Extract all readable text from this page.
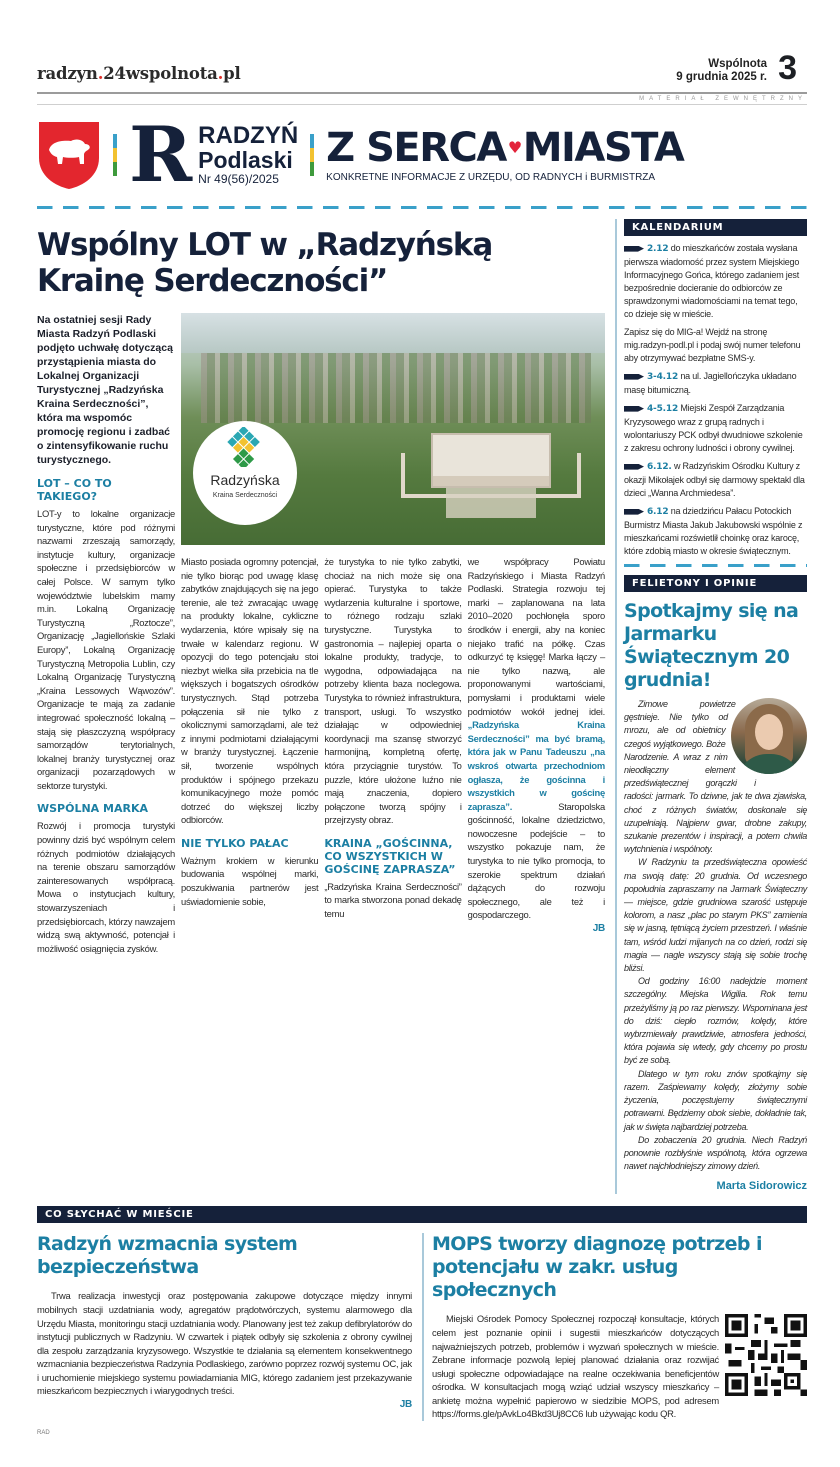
radzyn.24wspolnota.pl	Wspólnota
9 grudnia 2025 r. 3
MATERIAŁ ZEWNĘTRZNY
R RADZYŃ
Podlaski
Nr 49(56)/2025
Z SERCA ♥MIASTA
KONKRETNE INFORMACJE Z URZĘDU, OD RADNYCH i BURMISTRZA
Wspólny LOT w „Radzyńską Krainę Serdeczności”

Na ostatniej sesji Rady Miasta Radzyń Podlaski podjęto uchwałę dotyczącą przystąpienia miasta do Lokalnej Organizacji Turystycznej „Radzyńska Kraina Serdeczności”, która ma wspomóc promocję regionu i zadbać o zintensyfikowanie ruchu turystycznego.

LOT – CO TO TAKIEGO?

LOT-y to lokalne organizacje turystyczne, które pod różnymi nazwami zrzeszają samorządy, instytucje kultury, organizacje społeczne i przedsiębiorców w całej Polsce. W samym tylko województwie lubelskim mamy m.in. Lokalną Organizację Turystyczną „Roztocze”, Organizację „Jagiellońskie Szlaki Europy”, Lokalną Organizację Turystyczną Metropolia Lublin, czy Lokalną Organizację Turystyczną „Kraina Lessowych Wąwozów”. Organizacje te mają za zadanie integrować społeczność lokalną – stają się płaszczyzną współpracy samorządów terytorialnych, lokalnej branży turystycznej oraz organizacji pozarządowych w sektorze turystyki.

WSPÓLNA MARKA

Rozwój i promocja turystyki powinny dziś być wspólnym celem różnych podmiotów działających na terenie obszaru samorządów zainteresowanych współpracą. Mowa o instytucjach kultury, stowarzyszeniach i przedsiębiorcach, którzy nawzajem widzą swą aktywność, potencjał i możliwość osiągnięcia zysków.

Radzyńska
Kraina Serdeczności

Miasto posiada ogromny potencjał, nie tylko biorąc pod uwagę klasę zabytków znajdujących się na jego terenie, ale też zwracając uwagę na produkty lokalne, cykliczne wydarzenia, które wpisały się na trwałe w kalendarz regionu. W opozycji do tego potencjału stoi niezbyt wielka siła przebicia na tle większych i bogatszych ośrodków turystycznych. Stąd potrzeba połączenia sił nie tylko z okolicznymi samorządami, ale też z innymi podmiotami działającymi w branży turystycznej. Łączenie sił, tworzenie wspólnych produktów i spójnego przekazu komunikacyjnego może pomóc dotrzeć do większej liczby odbiorców.

NIE TYLKO PAŁAC

Ważnym krokiem w kierunku budowania wspólnej marki, poszukiwania partnerów jest uświadomienie sobie,

że turystyka to nie tylko zabytki, chociaż na nich może się ona opierać. Turystyka to także wydarzenia kulturalne i sportowe, to różnego rodzaju szlaki turystyczne. Turystyka to gastronomia – najlepiej oparta o lokalne produkty, tradycje, to wygodna, odpowiadająca na potrzeby klienta baza noclegowa. Turystyka to również infrastruktura, transport, usługi. To wszystko działając w odpowiedniej koordynacji ma szansę stworzyć harmonijną, kompletną ofertę, która przyciągnie turystów. To puzzle, które ułożone luźno nie mają znaczenia, dopiero połączone tworzą spójny i przejrzysty obraz.

KRAINA „GOŚCINNA, CO WSZYSTKICH W GOŚCINĘ ZAPRASZA”

„Radzyńska Kraina Serdeczności” to marka stworzona ponad dekadę temu

we współpracy Powiatu Radzyńskiego i Miasta Radzyń Podlaski. Strategia rozwoju tej marki – zaplanowana na lata 2010–2020 pochłonęła sporo środków i energii, aby na koniec niejako trafić na półkę. Czas odkurzyć tę księgę! Marka łączy – nie tylko nazwą, ale proponowanymi wartościami, pomysłami i produktami wiele podmiotów wokół jednej idei. „Radzyńska Kraina Serdeczności” ma być bramą, która jak w Panu Tadeuszu „na wskroś otwarta przechodniom ogłasza, że gościnna i wszystkich w gościnę zaprasza”.	Staropolska gościnność, lokalne dziedzictwo, nowoczesne podejście – to wszystko pokazuje nam, że turystyka to nie tylko promocja, to szerokie spektrum działań dążących do rozwoju społecznego, ale też i gospodarczego.
JB
KALENDARIUM
2.12 do mieszkańców została wysłana pierwsza wiadomość przez system Miejskiego Informacyjnego Gońca, którego zadaniem jest bezpośrednie docieranie do odbiorców ze sprawdzonymi wiadomościami na temat tego, co dzieje się w mieście.
Zapisz się do MIG-a! Wejdź na stronę mig.radzyn-podl.pl i podaj swój numer telefonu aby otrzymywać bezpłatne SMS-y.
3-4.12 na ul. Jagiellończyka układano masę bitumiczną.
4-5.12 Miejski Zespół Zarządzania Kryzysowego wraz z grupą radnych i wolontariuszy PCK odbył dwudniowe szkolenie z zakresu ochrony ludności i obrony cywilnej.
6.12. w Radzyńskim Ośrodku Kultury z okazji Mikołajek odbył się darmowy spektakl dla dzieci „Wanna Archmiedesa”.
6.12 na dziedzińcu Pałacu Potockich Burmistrz Miasta Jakub Jakubowski wspólnie z mieszkańcami rozświetlił choinkę oraz karocę, które zdobią miasto w okresie świątecznym.
FELIETONY I OPINIE
Spotkajmy się na Jarmarku Świątecznym 20 grudnia!

Zimowe powietrze gęstnieje. Nie tylko od mrozu, ale od obietnicy czegoś wyjątkowego. Boże Narodzenie. A wraz z nim nieodłączny element przedświątecznej gorączki i radości: jarmark. To dziwne, jak te dwa zjawiska, choć z różnych światów, doskonale się uzupełniają. Najpierw gwar, drobne zakupy, szukanie prezentów i inspiracji, a potem chwila wytchnienia i wspólnoty.

W Radzyniu ta przedświąteczna opowieść ma swoją datę: 20 grudnia. Od wczesnego popołudnia zapraszamy na Jarmark Świąteczny — miejsce, gdzie grudniowa szarość ustępuje kolorom, a nasz „plac po starym PKS” zamienia się w jasną, tętniącą życiem przestrzeń. I właśnie tam, wśród ludzi mijanych na co dzień, rodzi się magia — nagle wszyscy stają się sobie trochę bliżsi.

Od godziny 16:00 nadejdzie moment szczególny. Miejska Wigilia. Rok temu przeżyliśmy ją po raz pierwszy. Wspominana jest do dziś: ciepło rozmów, kolędy, które wybrzmiewały prawdziwie, atmosfera jedności, która pojawia się wtedy, gdy chcemy po prostu być ze sobą.

Dlatego w tym roku znów spotkajmy się razem. Zaśpiewamy kolędy, złożymy sobie życzenia, poczęstujemy świątecznymi potrawami. Będziemy obok siebie, dokładnie tak, jak w święta najbardziej potrzeba.

Do zobaczenia 20 grudnia. Niech Radzyń ponownie rozbłyśnie wspólnotą, która ogrzewa nawet najchłodniejszy zimowy dzień.

Marta Sidorowicz
CO SŁYCHAĆ W MIEŚCIE
Radzyń wzmacnia system bezpieczeństwa

Trwa realizacja inwestycji oraz postępowania zakupowe dotyczące między innymi mobilnych stacji uzdatniania wody, agregatów prądotwórczych, systemu alarmowego dla Urzędu Miasta, monitoringu stacji uzdatniania wody. Planowany jest też zakup defibrylatorów do instytucji publicznych w Radzyniu. W czwartek i piątek odbyły się szkolenia z obrony cywilnej dla zespołu zarządzania kryzysowego. Wszystkie te działania są elementem konsekwentnego wzmacniania bezpieczeństwa Radzynia Podlaskiego, zarówno poprzez rozwój systemu OC, jak i uruchomienie miejskiego systemu powiadamiania MIG, którego zadaniem jest przekazywanie mieszkańcom bezpiecznych i wiarygodnych treści.

JB
MOPS tworzy diagnozę potrzeb i potencjału w zakr. usług społecznych

Miejski Ośrodek Pomocy Społecznej rozpoczął konsultacje, których celem jest poznanie opinii i sugestii mieszkańców dotyczących najważniejszych potrzeb, problemów i wyzwań społecznych w mieście. Zebrane informacje pozwolą lepiej planować działania oraz rozwijać usługi społeczne odpowiadające na realne oczekiwania beneficjentów ośrodka. W konsultacjach mogą wziąć udział wszyscy mieszkańcy – ankietę można wypełnić papierowo w siedzibie MOPS, pod adresem https://forms.gle/pAvkLo4Bkd3Uj8CC6 lub używając kodu QR.

RAD
